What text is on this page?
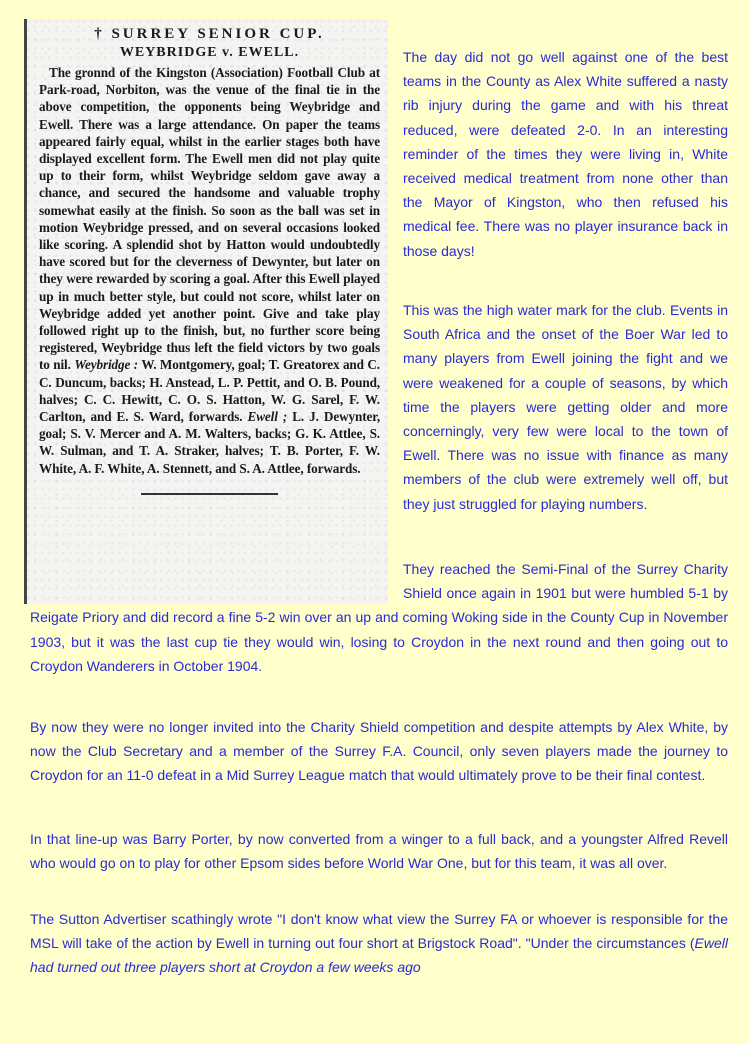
† SURREY SENIOR CUP.
WEYBRIDGE v. EWELL.
The gronnd of the Kingston (Association) Football Club at Park-road, Norbiton, was the venue of the final tie in the above competition, the opponents being Weybridge and Ewell. There was a large attendance. On paper the teams appeared fairly equal, whilst in the earlier stages both have displayed excellent form. The Ewell men did not play quite up to their form, whilst Weybridge seldom gave away a chance, and secured the handsome and valuable trophy somewhat easily at the finish. So soon as the ball was set in motion Weybridge pressed, and on several occasions looked like scoring. A splendid shot by Hatton would undoubtedly have scored but for the cleverness of Dewynter, but later on they were rewarded by scoring a goal. After this Ewell played up in much better style, but could not score, whilst later on Weybridge added yet another point. Give and take play followed right up to the finish, but, no further score being registered, Weybridge thus left the field victors by two goals to nil. Weybridge : W. Montgomery, goal; T. Greatorex and C. C. Duncum, backs; H. Anstead, L. P. Pettit, and O. B. Pound, halves; C. C. Hewitt, C. O. S. Hatton, W. G. Sarel, F. W. Carlton, and E. S. Ward, forwards. Ewell ; L. J. Dewynter, goal; S. V. Mercer and A. M. Walters, backs; G. K. Attlee, S. W. Sulman, and T. A. Straker, halves; T. B. Porter, F. W. White, A. F. White, A. Stennett, and S. A. Attlee, forwards.

The day did not go well against one of the best teams in the County as Alex White suffered a nasty rib injury during the game and with his threat reduced, were defeated 2-0. In an interesting reminder of the times they were living in, White received medical treatment from none other than the Mayor of Kingston, who then refused his medical fee. There was no player insurance back in those days!

This was the high water mark for the club. Events in South Africa and the onset of the Boer War led to many players from Ewell joining the fight and we were weakened for a couple of seasons, by which time the players were getting older and more concerningly, very few were local to the town of Ewell. There was no issue with finance as many members of the club were extremely well off, but they just struggled for playing numbers.

They reached the Semi-Final of the Surrey Charity Shield once again in 1901 but were humbled 5-1 by Reigate Priory and did record a fine 5-2 win over an up and coming Woking side in the County Cup in November 1903, but it was the last cup tie they would win, losing to Croydon in the next round and then going out to Croydon Wanderers in October 1904.

By now they were no longer invited into the Charity Shield competition and despite attempts by Alex White, by now the Club Secretary and a member of the Surrey F.A. Council, only seven players made the journey to Croydon for an 11-0 defeat in a Mid Surrey League match that would ultimately prove to be their final contest.

In that line-up was Barry Porter, by now converted from a winger to a full back, and a youngster Alfred Revell who would go on to play for other Epsom sides before World War One, but for this team, it was all over.

The Sutton Advertiser scathingly wrote "I don't know what view the Surrey FA or whoever is responsible for the MSL will take of the action by Ewell in turning out four short at Brigstock Road". "Under the circumstances (Ewell had turned out three players short at Croydon a few weeks ago
